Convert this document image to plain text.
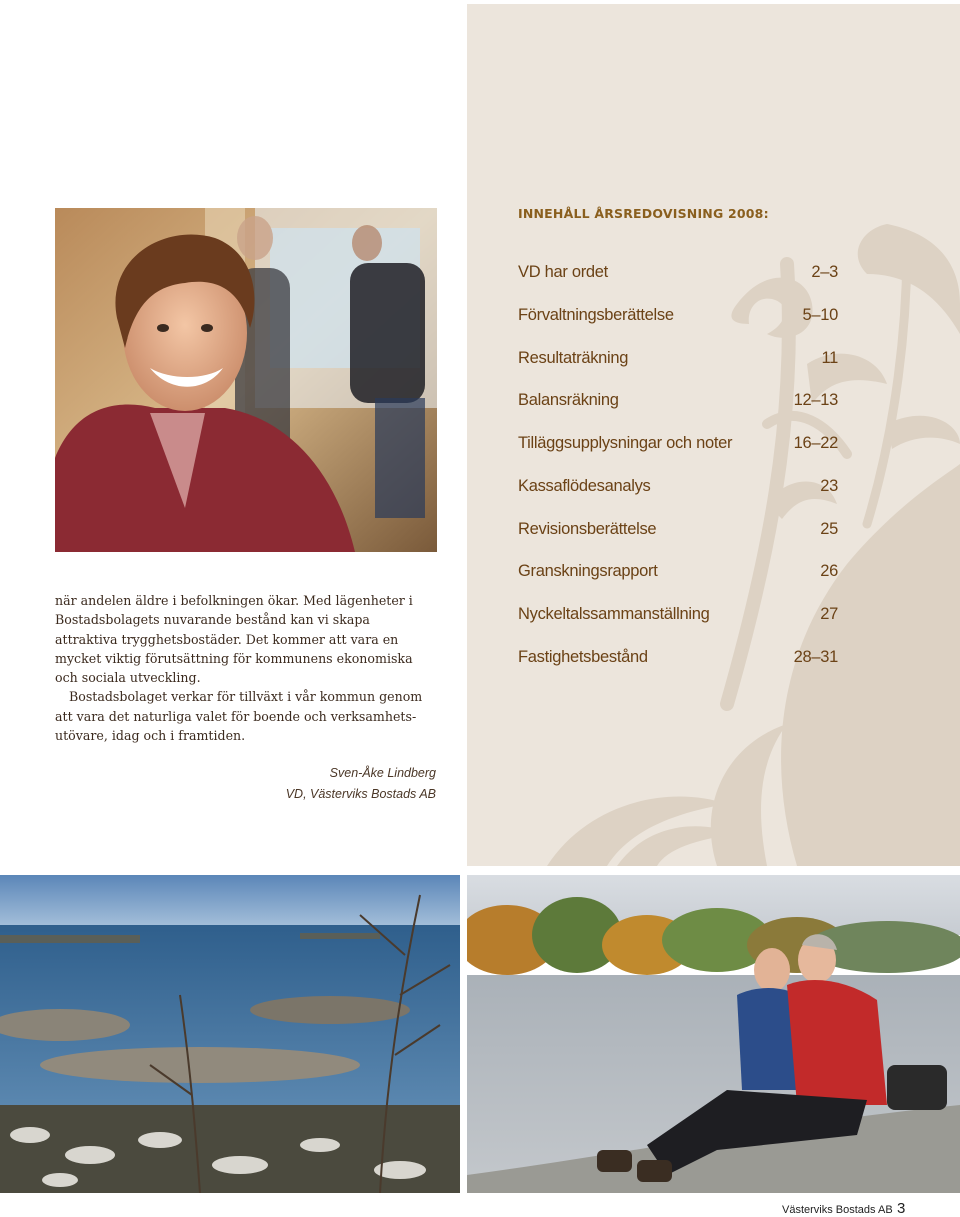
INNEHÅLL ÅRSREDOVISNING 2008:
VD har ordet	2–3
Förvaltningsberättelse	5–10
Resultaträkning	11
Balansräkning	12–13
Tilläggsupplysningar och noter	16–22
Kassaflödesanalys	23
Revisionsberättelse	25
Granskningsrapport	26
Nyckeltalssammanställning	27
Fastighetsbestånd	28–31

när andelen äldre i befolkningen ökar. Med lägenheter i Bostadsbolagets nuvarande bestånd kan vi skapa attraktiva trygghetsbostäder. Det kommer att vara en mycket viktig förutsättning för kommunens ekonomiska och sociala utveckling.

Bostadsbolaget verkar för tillväxt i vår kommun genom att vara det naturliga valet för boende och verksamhetsutövare, idag och i framtiden.

Sven-Åke Lindberg
VD, Västerviks Bostads AB
Västerviks Bostads AB 3
